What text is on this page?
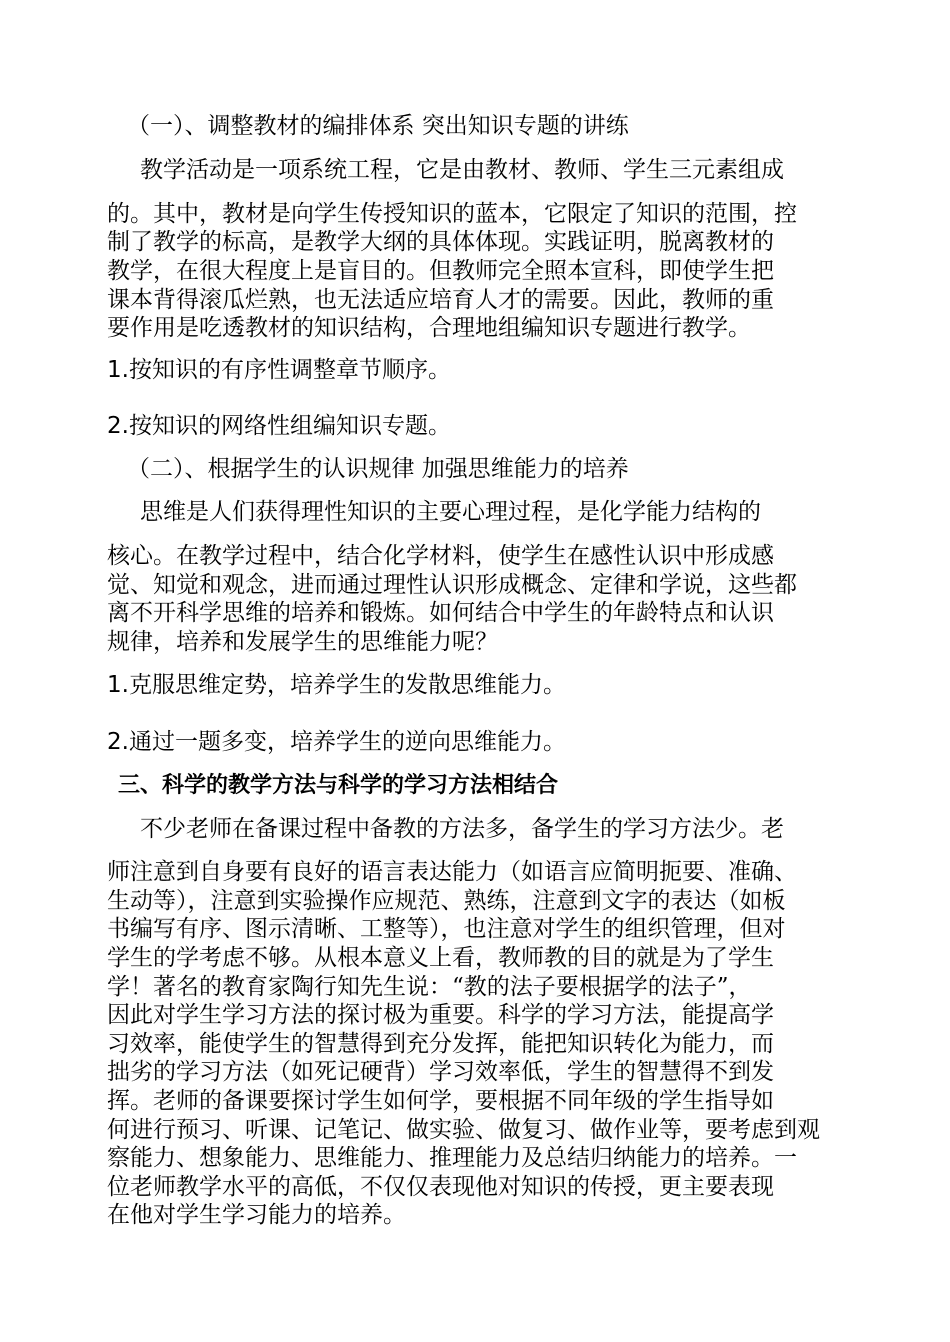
（一）、调整教材的编排体系 突出知识专题的讲练
教学活动是一项系统工程，它是由教材、教师、学生三元素组成
的。其中，教材是向学生传授知识的蓝本，它限定了知识的范围，控
制了教学的标高，是教学大纲的具体体现。实践证明，脱离教材的
教学，在很大程度上是盲目的。但教师完全照本宣科，即使学生把
课本背得滚瓜烂熟，也无法适应培育人才的需要。因此，教师的重
要作用是吃透教材的知识结构，合理地组编知识专题进行教学。
1.按知识的有序性调整章节顺序。
2.按知识的网络性组编知识专题。
（二）、根据学生的认识规律 加强思维能力的培养
思维是人们获得理性知识的主要心理过程，是化学能力结构的
核心。在教学过程中，结合化学材料，使学生在感性认识中形成感
觉、知觉和观念，进而通过理性认识形成概念、定律和学说，这些都
离不开科学思维的培养和锻炼。如何结合中学生的年龄特点和认识
规律，培养和发展学生的思维能力呢？
1.克服思维定势，培养学生的发散思维能力。
2.通过一题多变，培养学生的逆向思维能力。
三、科学的教学方法与科学的学习方法相结合
不少老师在备课过程中备教的方法多，备学生的学习方法少。老
师注意到自身要有良好的语言表达能力（如语言应简明扼要、准确、
生动等），注意到实验操作应规范、熟练，注意到文字的表达（如板
书编写有序、图示清晰、工整等），也注意对学生的组织管理，但对
学生的学考虑不够。从根本意义上看，教师教的目的就是为了学生
学！著名的教育家陶行知先生说：“教的法子要根据学的法子”，
因此对学生学习方法的探讨极为重要。科学的学习方法，能提高学
习效率，能使学生的智慧得到充分发挥，能把知识转化为能力，而
拙劣的学习方法（如死记硬背）学习效率低，学生的智慧得不到发
挥。老师的备课要探讨学生如何学，要根据不同年级的学生指导如
何进行预习、听课、记笔记、做实验、做复习、做作业等，要考虑到观
察能力、想象能力、思维能力、推理能力及总结归纳能力的培养。一
位老师教学水平的高低，不仅仅表现他对知识的传授，更主要表现
在他对学生学习能力的培养。
